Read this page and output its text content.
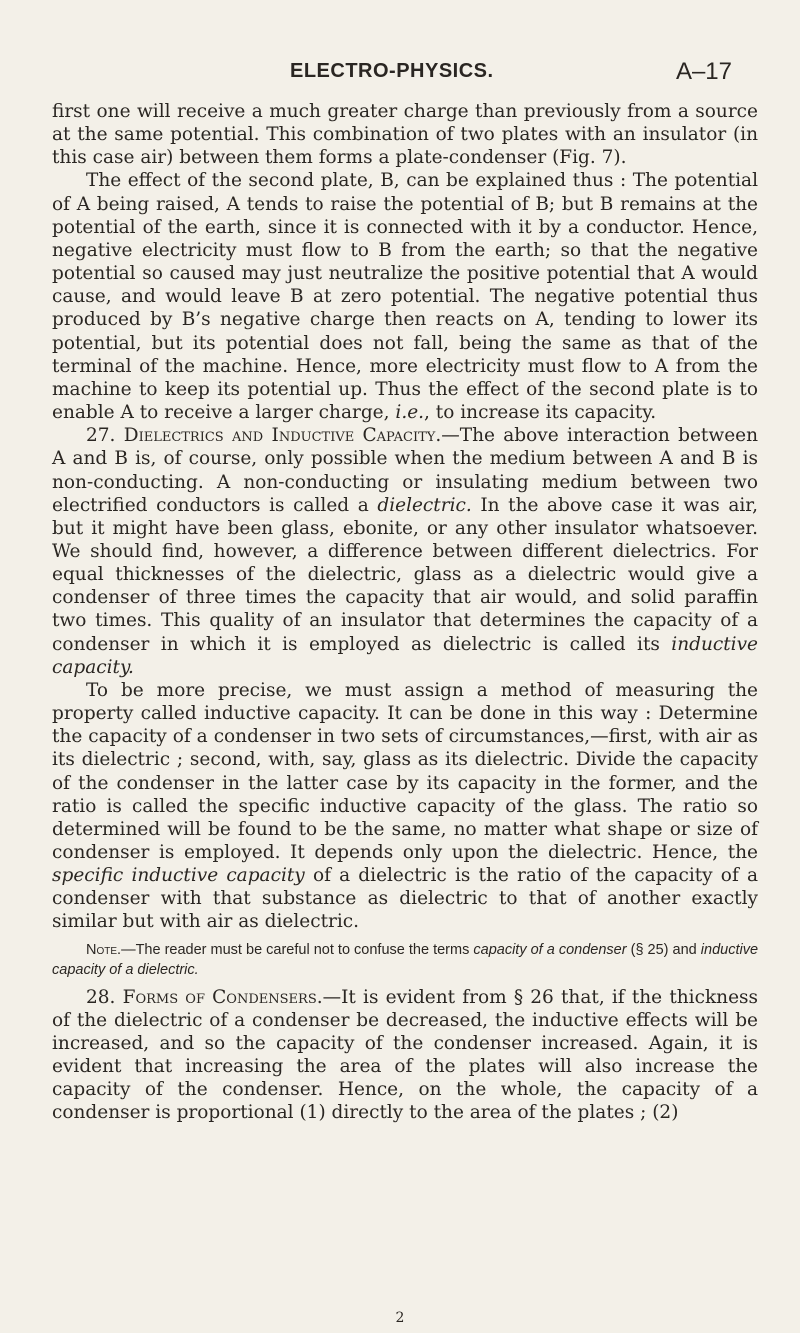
ELECTRO-PHYSICS.	A–17

first one will receive a much greater charge than previously from a source at the same potential. This combination of two plates with an insulator (in this case air) between them forms a plate-condenser (Fig. 7).

The effect of the second plate, B, can be explained thus : The potential of A being raised, A tends to raise the potential of B; but B remains at the potential of the earth, since it is connected with it by a conductor. Hence, negative electricity must flow to B from the earth; so that the negative potential so caused may just neutralize the positive potential that A would cause, and would leave B at zero potential. The negative potential thus produced by B’s negative charge then reacts on A, tending to lower its potential, but its potential does not fall, being the same as that of the terminal of the machine. Hence, more electricity must flow to A from the machine to keep its potential up. Thus the effect of the second plate is to enable A to receive a larger charge, i.e., to increase its capacity.

27. Dielectrics and Inductive Capacity.—The above interaction between A and B is, of course, only possible when the medium between A and B is non-conducting. A non-conducting or insulating medium between two electrified conductors is called a dielectric. In the above case it was air, but it might have been glass, ebonite, or any other insulator whatsoever. We should find, however, a difference between different dielectrics. For equal thicknesses of the dielectric, glass as a dielectric would give a condenser of three times the capacity that air would, and solid paraffin two times. This quality of an insulator that determines the capacity of a condenser in which it is employed as dielectric is called its inductive capacity.

To be more precise, we must assign a method of measuring the property called inductive capacity. It can be done in this way : Determine the capacity of a condenser in two sets of circumstances,—first, with air as its dielectric ; second, with, say, glass as its dielectric. Divide the capacity of the condenser in the latter case by its capacity in the former, and the ratio is called the specific inductive capacity of the glass. The ratio so determined will be found to be the same, no matter what shape or size of condenser is employed. It depends only upon the dielectric. Hence, the specific inductive capacity of a dielectric is the ratio of the capacity of a condenser with that substance as dielectric to that of another exactly similar but with air as dielectric.

Note.—The reader must be careful not to confuse the terms capacity of a condenser (§ 25) and inductive capacity of a dielectric.

28. Forms of Condensers.—It is evident from § 26 that, if the thickness of the dielectric of a condenser be decreased, the inductive effects will be increased, and so the capacity of the condenser increased. Again, it is evident that increasing the area of the plates will also increase the capacity of the condenser. Hence, on the whole, the capacity of a condenser is proportional (1) directly to the area of the plates ; (2)

2
